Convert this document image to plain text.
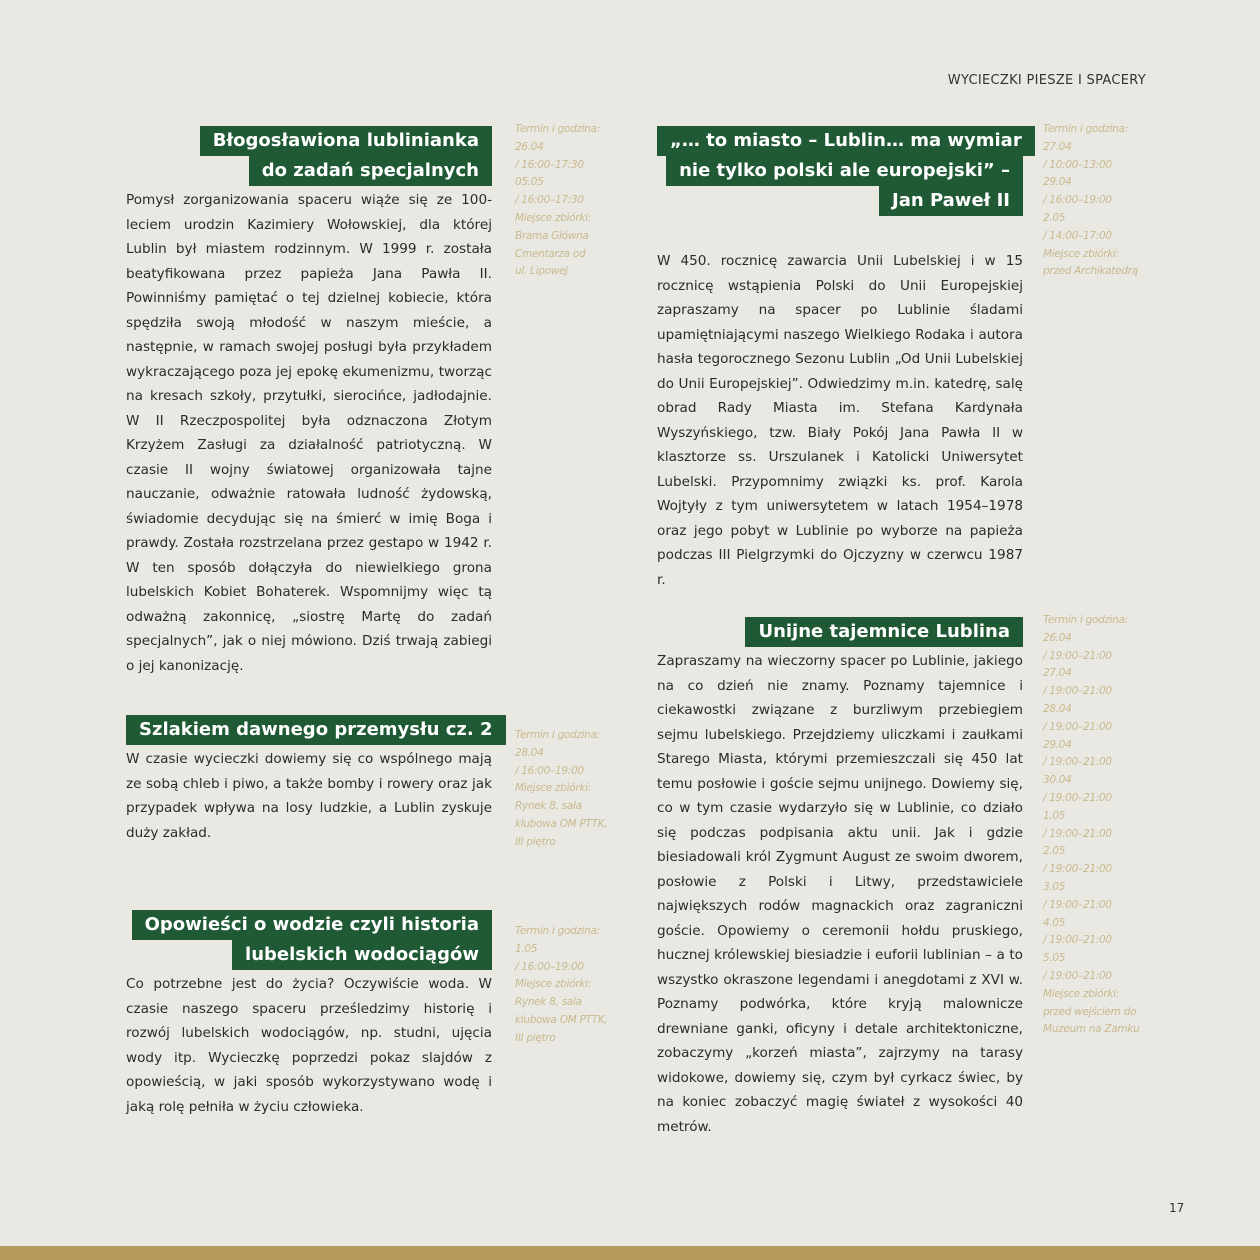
WYCIECZKI PIESZE I SPACERY
Błogosławiona lublinianka
do zadań specjalnych

Pomysł zorganizowania spaceru wiąże się ze 100-leciem urodzin Kazimiery Wołowskiej, dla której Lublin był miastem rodzinnym. W 1999 r. została beatyfikowana przez papieża Jana Pawła II. Powinniśmy pamiętać o tej dzielnej kobiecie, która spędziła swoją młodość w naszym mieście, a następnie, w ramach swojej posługi była przykładem wykraczającego poza jej epokę ekumenizmu, tworząc na kresach szkoły, przytułki, sierocińce, jadłodajnie. W II Rzeczpospolitej była odznaczona Złotym Krzyżem Zasługi za działalność patriotyczną. W czasie II wojny światowej organizowała tajne nauczanie, odważnie ratowała ludność żydowską, świadomie decydując się na śmierć w imię Boga i prawdy. Została rozstrzelana przez gestapo w 1942 r. W ten sposób dołączyła do niewielkiego grona lubelskich Kobiet Bohaterek. Wspomnijmy więc tą odważną zakonnicę, „siostrę Martę do zadań specjalnych”, jak o niej mówiono. Dziś trwają zabiegi o jej kanonizację.

Szlakiem dawnego przemysłu cz. 2

W czasie wycieczki dowiemy się co wspólnego mają ze sobą chleb i piwo, a także bomby i rowery oraz jak przypadek wpływa na losy ludzkie, a Lublin zyskuje duży zakład.

Opowieści o wodzie czyli historia
lubelskich wodociągów

Co potrzebne jest do życia? Oczywiście woda. W czasie naszego spaceru prześledzimy historię i rozwój lubelskich wodociągów, np. studni, ujęcia wody itp. Wycieczkę poprzedzi pokaz slajdów z opowieścią, w jaki sposób wykorzystywano wodę i jaką rolę pełniła w życiu człowieka.

„… to miasto – Lublin… ma wymiar
nie tylko polski ale europejski” –
Jan Paweł II

W 450. rocznicę zawarcia Unii Lubelskiej i w 15 rocznicę wstąpienia Polski do Unii Europejskiej zapraszamy na spacer po Lublinie śladami upamiętniającymi naszego Wielkiego Rodaka i autora hasła tegorocznego Sezonu Lublin „Od Unii Lubelskiej do Unii Europejskiej”. Odwiedzimy m.in. katedrę, salę obrad Rady Miasta im. Stefana Kardynała Wyszyńskiego, tzw. Biały Pokój Jana Pawła II w klasztorze ss. Urszulanek i Katolicki Uniwersytet Lubelski. Przypomnimy związki ks. prof. Karola Wojtyły z tym uniwersytetem w latach 1954–1978 oraz jego pobyt w Lublinie po wyborze na papieża podczas III Pielgrzymki do Ojczyzny w czerwcu 1987 r.

Unijne tajemnice Lublina

Zapraszamy na wieczorny spacer po Lublinie, jakiego na co dzień nie znamy. Poznamy tajemnice i ciekawostki związane z burzliwym przebiegiem sejmu lubelskiego. Przejdziemy uliczkami i zaułkami Starego Miasta, którymi przemieszczali się 450 lat temu posłowie i goście sejmu unijnego. Dowiemy się, co w tym czasie wydarzyło się w Lublinie, co działo się podczas podpisania aktu unii. Jak i gdzie biesiadowali król Zygmunt August ze swoim dworem, posłowie z Polski i Litwy, przedstawiciele największych rodów magnackich oraz zagraniczni goście. Opowiemy o ceremonii hołdu pruskiego, hucznej królewskiej biesiadzie i euforii lublinian – a to wszystko okraszone legendami i anegdotami z XVI w. Poznamy podwórka, które kryją malownicze drewniane ganki, oficyny i detale architektoniczne, zobaczymy „korzeń miasta”, zajrzymy na tarasy widokowe, dowiemy się, czym był cyrkacz świec, by na koniec zobaczyć magię świateł z wysokości 40 metrów.

Termin i godzina:
26.04
/ 16:00–17:30
05.05
/ 16:00–17:30
Miejsce zbiórki:
Brama Główna
Cmentarza od
ul. Lipowej
Termin i godzina:
28.04
/ 16:00–19:00
Miejsce zbiórki:
Rynek 8, sala
klubowa OM PTTK,
III piętro
Termin i godzina:
1.05
/ 16:00–19:00
Miejsce zbiórki:
Rynek 8, sala
klubowa OM PTTK,
III piętro
Termin i godzina:
27.04
/ 10:00–13:00
29.04
/ 16:00–19:00
2.05
/ 14:00–17:00
Miejsce zbiórki:
przed Archikatedrą
Termin i godzina:
26.04
/ 19:00–21:00
27.04
/ 19:00–21:00
28.04
/ 19:00–21:00
29.04
/ 19:00–21:00
30.04
/ 19:00–21:00
1.05
/ 19:00–21:00
2.05
/ 19:00–21:00
3.05
/ 19:00–21:00
4.05
/ 19:00–21:00
5.05
/ 19:00–21:00
Miejsce zbiórki:
przed wejściem do
Muzeum na Zamku
17
